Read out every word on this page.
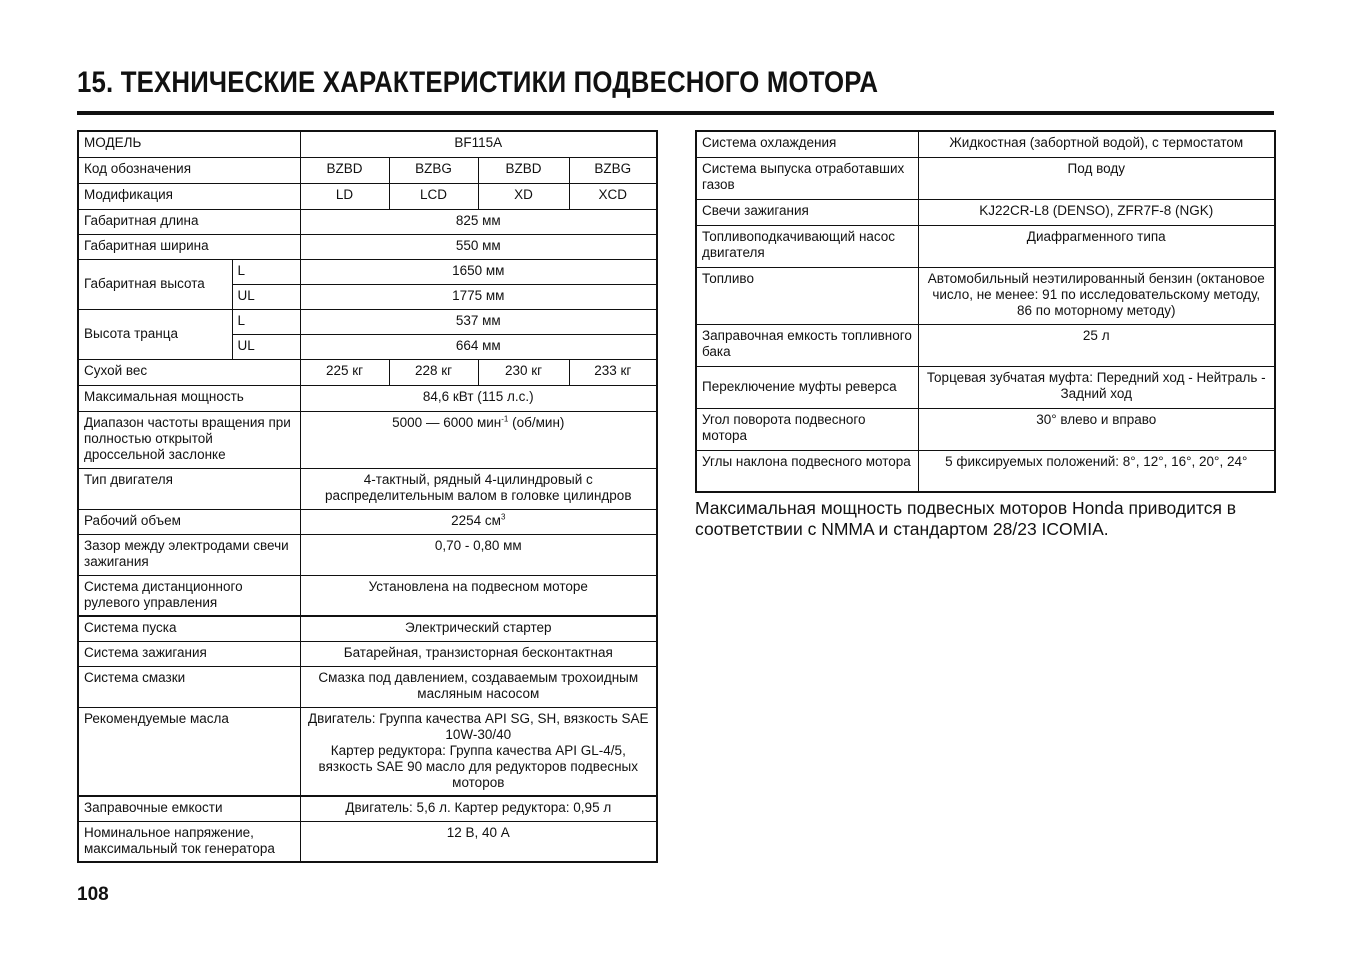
15. ТЕХНИЧЕСКИЕ ХАРАКТЕРИСТИКИ ПОДВЕСНОГО МОТОРА
МОДЕЛЬ		BF115A			
Код обозначения		BZBD	BZBG	BZBD	BZBG
Модификация		LD	LCD	XD	XCD
Габаритная длина		825 мм			
Габаритная ширина		550 мм			
Габаритная высота	L	1650 мм			
	UL	1775 мм			
Высота транца	L	537 мм			
	UL	664 мм			
Сухой вес		225 кг	228 кг	230 кг	233 кг
Максимальная мощность		84,6 кВт (115 л.с.)			
Диапазон частоты вращения при полностью открытой дроссельной заслонке		5000 — 6000 мин$^{-1}$ (об/мин)			
Тип двигателя		4-тактный, рядный 4-цилиндровый с распределительным валом в головке цилиндров			
Рабочий объем		2254 $см^3$
Зазор между электродами свечи зажигания		0,70 - 0,80 мм			
Система дистанционного рулевого управления		Установлена на подвесном моторе			
Система пуска		Электрический стартер			
Система зажигания		Батарейная, транзисторная бесконтактная			
Система смазки		Смазка под давлением, создаваемым трохоидным масляным насосом			
Рекомендуемые масла		Двигатель: Группа качества API SG, SH, вязкость SAE 10W-30/40
Картер редуктора: Группа качества API GL-4/5, вязкость SAE 90 масло для редукторов подвесных моторов			

Заправочные емкости		Двигатель: 5,6 л. Картер редуктора: 0,95 л			
Номинальное напряжение, максимальный ток генератора		12 В, 40 А			
Система охлаждения	Жидкостная (забортной водой), с термостатом
Система выпуска отработавших газов	Под воду
Свечи зажигания	KJ22CR-L8 (DENSO), ZFR7F-8 (NGK)
Топливоподкачивающий насос двигателя	Диафрагменного типа
Топливо	Автомобильный неэтилированный бензин (октановое число, не менее: 91 по исследовательскому методу, 86 по моторному методу)
Заправочная емкость топливного бака	25 л
Переключение муфты реверса	Торцевая зубчатая муфта: Передний ход - Нейтраль - Задний ход
Угол поворота подвесного мотора	30° влево и вправо
Углы наклона подвесного мотора	5 фиксируемых положений: 8°, 12°, 16°, 20°, 24°
Максимальная мощность подвесных моторов Honda приводится в соответствии с NMMA и стандартом 28/23 ICOMIA.
108
